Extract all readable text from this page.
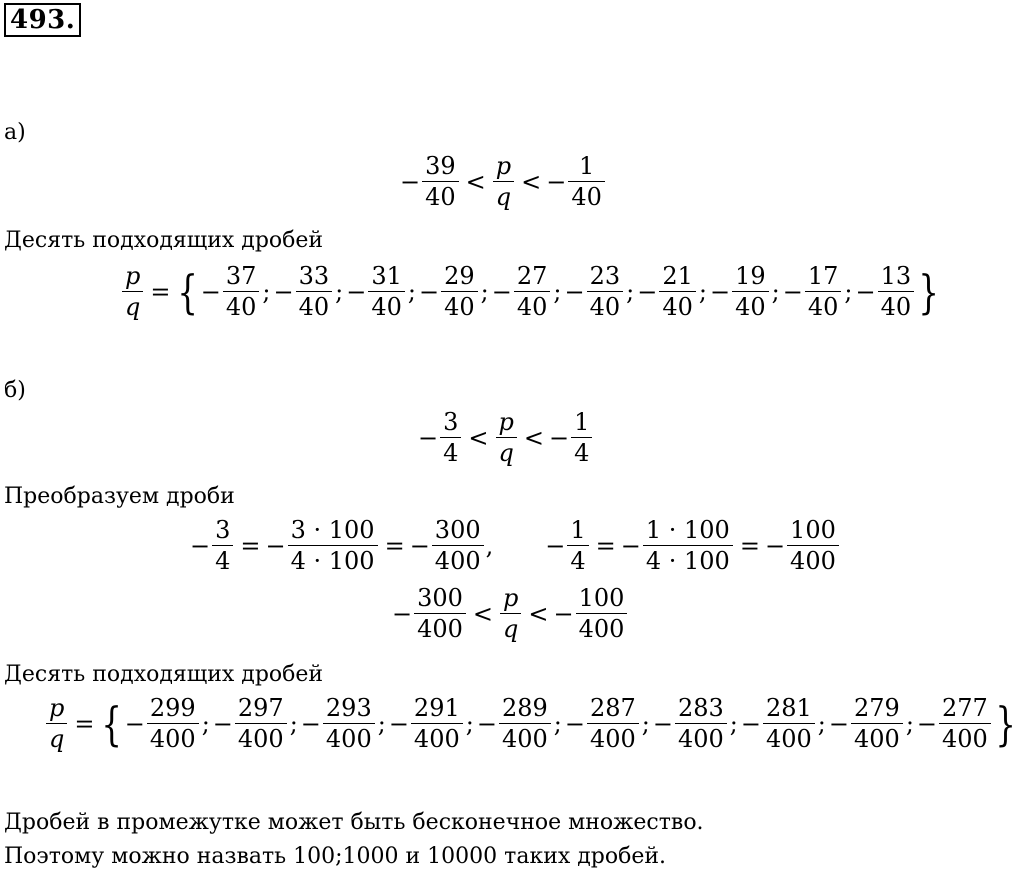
493.
а)
− $\frac{39}{40} < \frac{p}{q}$ < − $\frac{1}{40}$
Десять подходящих дробей
$\frac{p}{q}$ = { − $\frac{37}{40}$ ; − $\frac{33}{40}$ ; − $\frac{31}{40}$ ; − $\frac{29}{40}$ ; − $\frac{27}{40}$ ; − $\frac{23}{40}$ ; − $\frac{21}{40}$ ; − $\frac{19}{40}$ ; − $\frac{17}{40}$ ; − $\frac{13}{40}$ }
б)
− $\frac{3}{4} < \frac{p}{q}$ < − $\frac{1}{4}$
Преобразуем дроби
− $\frac{3}{4}$ = − $\frac{3 \cdot 100}{4 \cdot 100}$ = − $\frac{300}{400}$ , − $\frac{1}{4}$ = − $\frac{1 \cdot 100}{4 \cdot 100}$ = − $\frac{100}{400}$
− $\frac{300}{400} < \frac{p}{q}$ < − $\frac{100}{400}$
Десять подходящих дробей
$\frac{p}{q}$ = { − $\frac{299}{400}$ ; − $\frac{297}{400}$ ; − $\frac{293}{400}$ ; − $\frac{291}{400}$ ; − $\frac{289}{400}$ ; − $\frac{287}{400}$ ; − $\frac{283}{400}$ ; − $\frac{281}{400}$ ; − $\frac{279}{400}$ ; − $\frac{277}{400}$ }
Дробей в промежутке может быть бесконечное множество.
Поэтому можно назвать 100;1000 и 10000 таких дробей.
